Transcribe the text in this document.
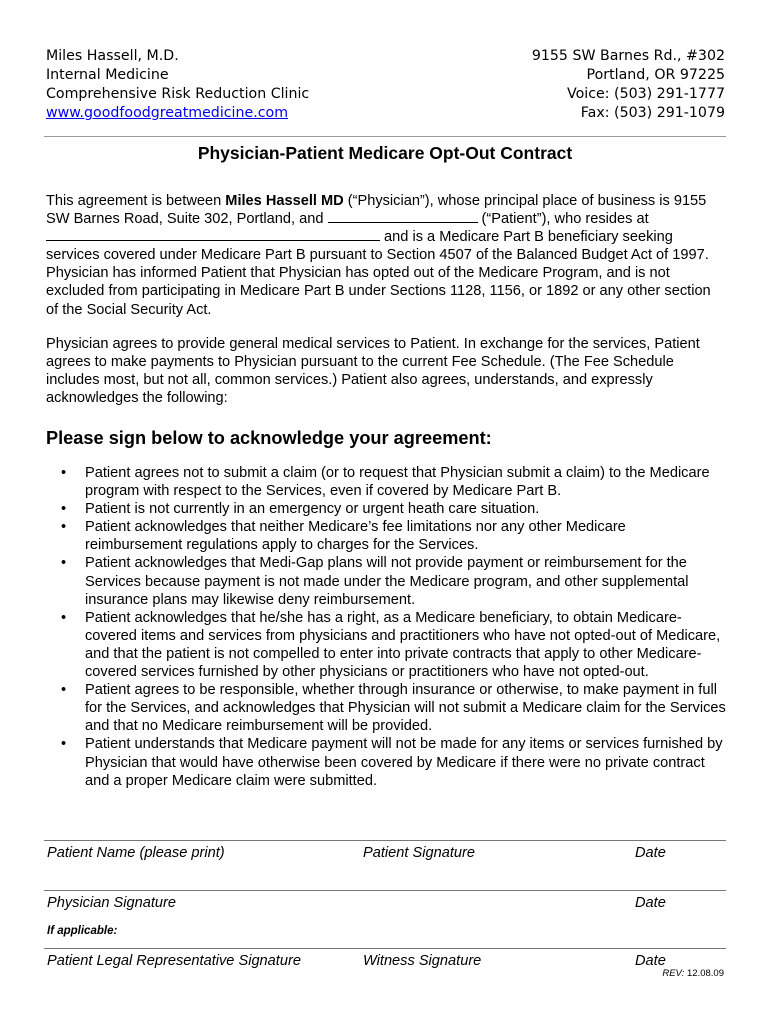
Miles Hassell, M.D.
Internal Medicine
Comprehensive Risk Reduction Clinic
www.goodfoodgreatmedicine.com
9155 SW Barnes Rd., #302
Portland, OR 97225
Voice: (503) 291-1777
Fax: (503) 291-1079
Physician-Patient Medicare Opt-Out Contract

This agreement is between Miles Hassell MD (“Physician”), whose principal place of business is 9155 SW Barnes Road, Suite 302, Portland, and	(“Patient”), who resides at  and is a Medicare Part B beneficiary seeking services covered under Medicare Part B pursuant to Section 4507 of the Balanced Budget Act of 1997. Physician has informed Patient that Physician has opted out of the Medicare Program, and is not excluded from participating in Medicare Part B under Sections 1128, 1156, or 1892 or any other section of the Social Security Act.

Physician agrees to provide general medical services to Patient. In exchange for the services, Patient agrees to make payments to Physician pursuant to the current Fee Schedule. (The Fee Schedule includes most, but not all, common services.) Patient also agrees, understands, and expressly acknowledges the following:

Please sign below to acknowledge your agreement:
• Patient agrees not to submit a claim (or to request that Physician submit a claim) to the Medicare program with respect to the Services, even if covered by Medicare Part B.
• Patient is not currently in an emergency or urgent heath care situation.
• Patient acknowledges that neither Medicare’s fee limitations nor any other Medicare reimbursement regulations apply to charges for the Services.
• Patient acknowledges that Medi-Gap plans will not provide payment or reimbursement for the Services because payment is not made under the Medicare program, and other supplemental insurance plans may likewise deny reimbursement.
• Patient acknowledges that he/she has a right, as a Medicare beneficiary, to obtain Medicare-covered items and services from physicians and practitioners who have not opted-out of Medicare, and that the patient is not compelled to enter into private contracts that apply to other Medicare-covered services furnished by other physicians or practitioners who have not opted-out.
• Patient agrees to be responsible, whether through insurance or otherwise, to make payment in full for the Services, and acknowledges that Physician will not submit a Medicare claim for the Services and that no Medicare reimbursement will be provided.
• Patient understands that Medicare payment will not be made for any items or services furnished by Physician that would have otherwise been covered by Medicare if there were no private contract and a proper Medicare claim were submitted.
Patient Name (please print)	Patient Signature	Date
Physician Signature	Date
If applicable:
Patient Legal Representative Signature	Witness Signature	Date
REV: 12.08.09
